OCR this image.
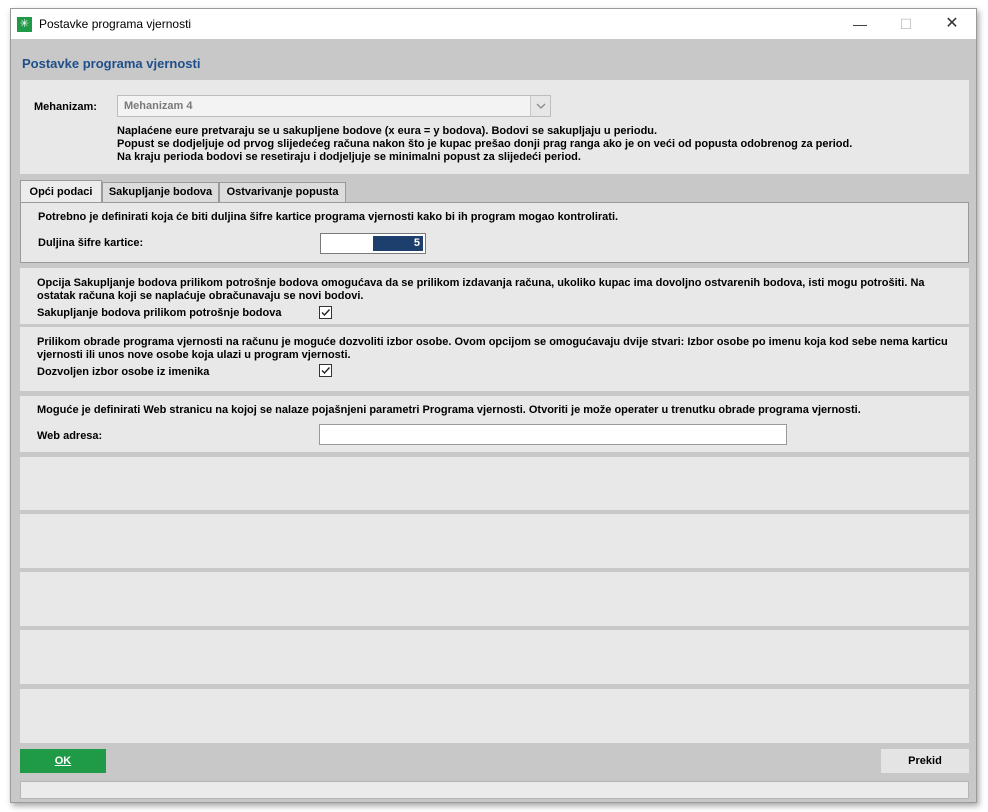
✳ Postavke programa vjernosti	—	☐	✕
Postavke programa vjernosti
Mehanizam: Mehanizam 4
Naplaćene eure pretvaraju se u sakupljene bodove (x eura = y bodova). Bodovi se sakupljaju u periodu.
Popust se dodjeljuje od prvog slijedećeg računa nakon što je kupac prešao donji prag ranga ako je on veći od popusta odobrenog za period.
Na kraju perioda bodovi se resetiraju i dodjeljuje se minimalni popust za slijedeći period.
Opći podaci	Sakupljanje bodova	Ostvarivanje popusta
Potrebno je definirati koja će biti duljina šifre kartice programa vjernosti kako bi ih program mogao kontrolirati.
Duljina šifre kartice:	5
Opcija Sakupljanje bodova prilikom potrošnje bodova omogućava da se prilikom izdavanja računa, ukoliko kupac ima dovoljno ostvarenih bodova, isti mogu potrošiti. Na
ostatak računa koji se naplaćuje obračunavaju se novi bodovi.
Sakupljanje bodova prilikom potrošnje bodova
Prilikom obrade programa vjernosti na računu je moguće dozvoliti izbor osobe. Ovom opcijom se omogućavaju dvije stvari: Izbor osobe po imenu koja kod sebe nema karticu
vjernosti ili unos nove osobe koja ulazi u program vjernosti.
Dozvoljen izbor osobe iz imenika
Moguće je definirati Web stranicu na kojoj se nalaze pojašnjeni parametri Programa vjernosti. Otvoriti je može operater u trenutku obrade programa vjernosti.
Web adresa:
OK	Prekid
